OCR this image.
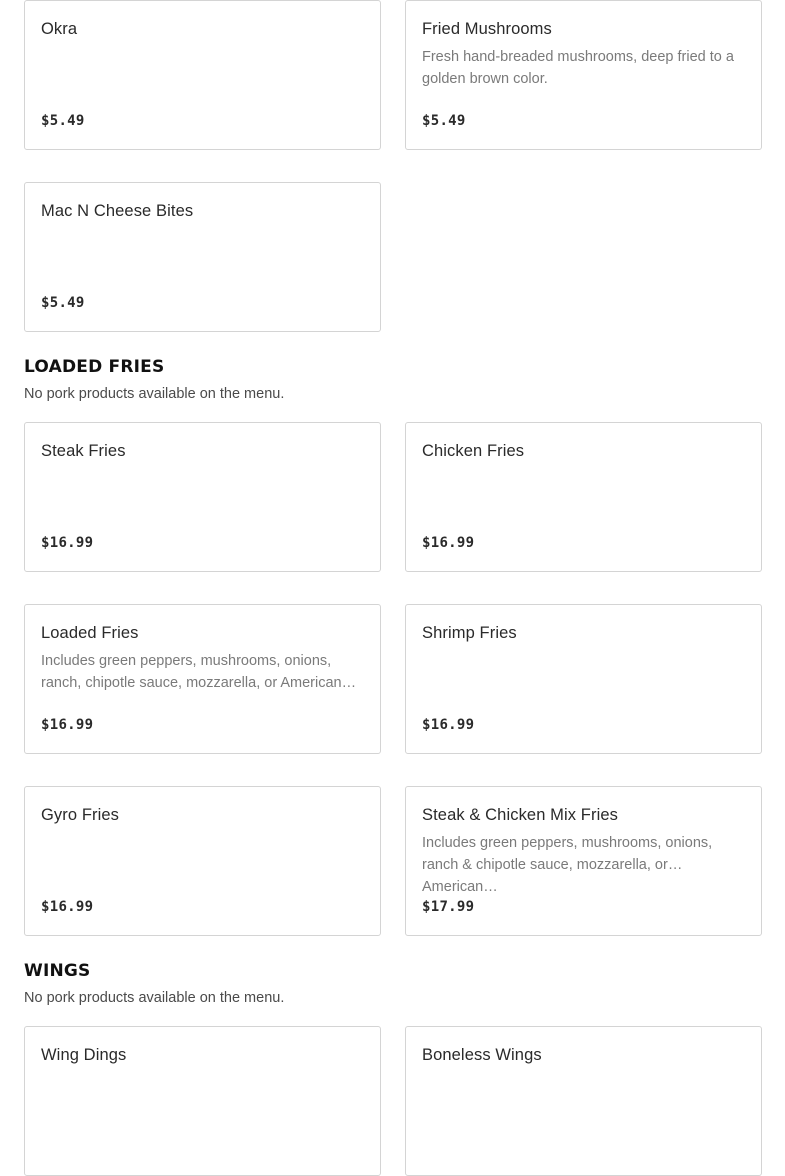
Okra
$5.49
Fried Mushrooms
Fresh hand-breaded mushrooms, deep fried to a golden brown color.
$5.49
Mac N Cheese Bites
$5.49
LOADED FRIES
No pork products available on the menu.
Steak Fries
$16.99
Chicken Fries
$16.99
Loaded Fries
Includes green peppers, mushrooms, onions, ranch, chipotle sauce, mozzarella, or American…
$16.99
Shrimp Fries
$16.99
Gyro Fries
$16.99
Steak & Chicken Mix Fries
Includes green peppers, mushrooms, onions, ranch & chipotle sauce, mozzarella, or American…
$17.99
WINGS
No pork products available on the menu.
Wing Dings	Boneless Wings
